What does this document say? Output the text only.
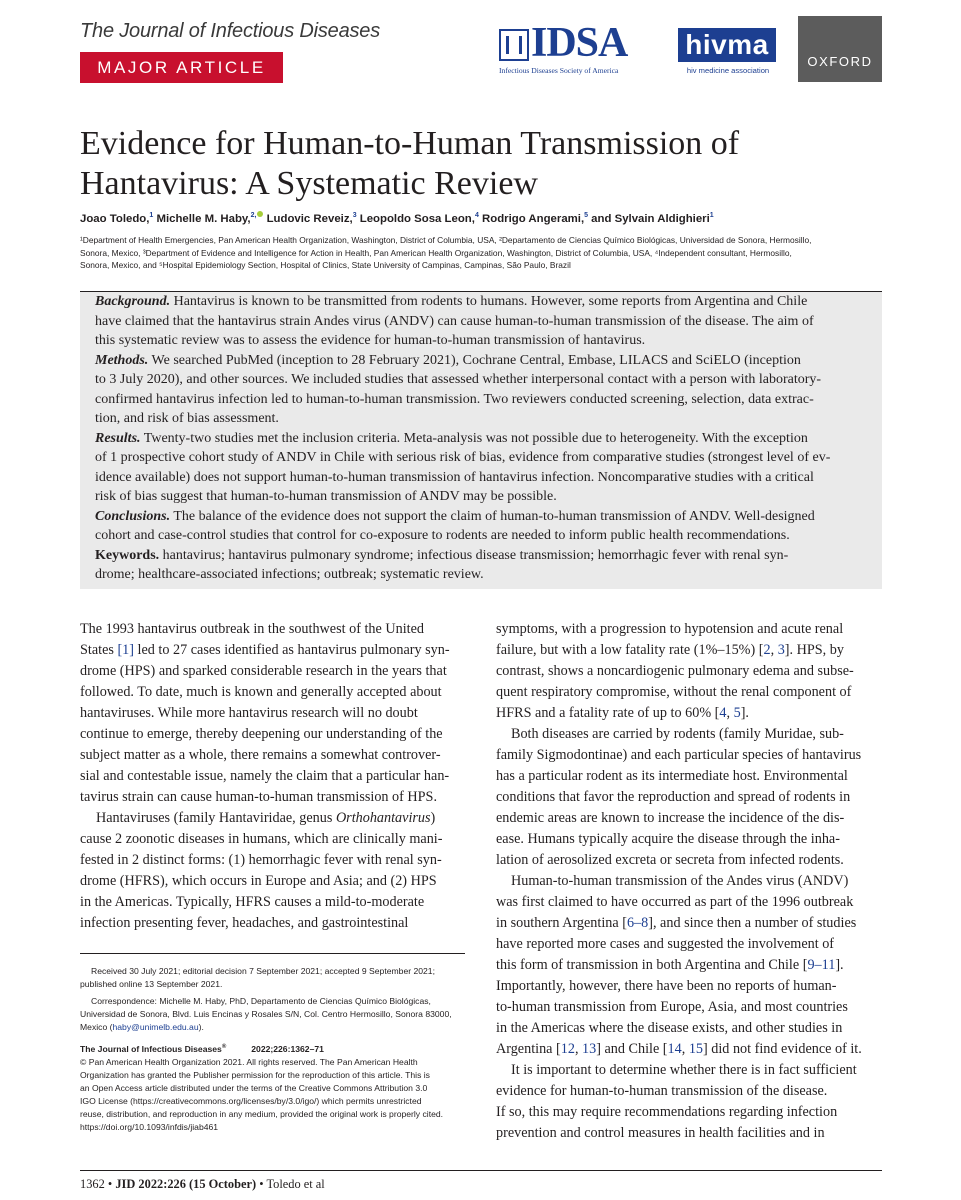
The Journal of Infectious Diseases
MAJOR ARTICLE
IDSA
Infectious Diseases Society of America
hivma
hiv medicine association
OXFORD
Evidence for Human-to-Human Transmission of
Hantavirus: A Systematic Review
Joao Toledo,$^1$ Michelle M. Haby,$^{2,}$ Ludovic Reveiz,$^3$ Leopoldo Sosa Leon,$^4$ Rodrigo Angerami,$^5$ and Sylvain Aldighieri$^1$
¹Department of Health Emergencies, Pan American Health Organization, Washington, District of Columbia, USA, ²Departamento de Ciencias Químico Biológicas, Universidad de Sonora, Hermosillo,
Sonora, Mexico, ³Department of Evidence and Intelligence for Action in Health, Pan American Health Organization, Washington, District of Columbia, USA, ⁴Independent consultant, Hermosillo,
Sonora, Mexico, and ⁵Hospital Epidemiology Section, Hospital of Clinics, State University of Campinas, Campinas, São Paulo, Brazil
Background. Hantavirus is known to be transmitted from rodents to humans. However, some reports from Argentina and Chile
have claimed that the hantavirus strain Andes virus (ANDV) can cause human-to-human transmission of the disease. The aim of
this systematic review was to assess the evidence for human-to-human transmission of hantavirus.
Methods. We searched PubMed (inception to 28 February 2021), Cochrane Central, Embase, LILACS and SciELO (inception
to 3 July 2020), and other sources. We included studies that assessed whether interpersonal contact with a person with laboratory-
confirmed hantavirus infection led to human-to-human transmission. Two reviewers conducted screening, selection, data extrac-
tion, and risk of bias assessment.
Results. Twenty-two studies met the inclusion criteria. Meta-analysis was not possible due to heterogeneity. With the exception
of 1 prospective cohort study of ANDV in Chile with serious risk of bias, evidence from comparative studies (strongest level of ev-
idence available) does not support human-to-human transmission of hantavirus infection. Noncomparative studies with a critical
risk of bias suggest that human-to-human transmission of ANDV may be possible.
Conclusions. The balance of the evidence does not support the claim of human-to-human transmission of ANDV. Well-designed
cohort and case-control studies that control for co-exposure to rodents are needed to inform public health recommendations.
Keywords. hantavirus; hantavirus pulmonary syndrome; infectious disease transmission; hemorrhagic fever with renal syn-
drome; healthcare-associated infections; outbreak; systematic review.
The 1993 hantavirus outbreak in the southwest of the United
States [1] led to 27 cases identified as hantavirus pulmonary syn-
drome (HPS) and sparked considerable research in the years that
followed. To date, much is known and generally accepted about
hantaviruses. While more hantavirus research will no doubt
continue to emerge, thereby deepening our understanding of the
subject matter as a whole, there remains a somewhat controver-
sial and contestable issue, namely the claim that a particular han-
tavirus strain can cause human-to-human transmission of HPS.
Hantaviruses (family Hantaviridae, genus Orthohantavirus)
cause 2 zoonotic diseases in humans, which are clinically mani-
fested in 2 distinct forms: (1) hemorrhagic fever with renal syn-
drome (HFRS), which occurs in Europe and Asia; and (2) HPS
in the Americas. Typically, HFRS causes a mild-to-moderate
infection presenting fever, headaches, and gastrointestinal
symptoms, with a progression to hypotension and acute renal
failure, but with a low fatality rate (1%–15%) [2, 3]. HPS, by
contrast, shows a noncardiogenic pulmonary edema and subse-
quent respiratory compromise, without the renal component of
HFRS and a fatality rate of up to 60% [4, 5].
Both diseases are carried by rodents (family Muridae, sub-
family Sigmodontinae) and each particular species of hantavirus
has a particular rodent as its intermediate host. Environmental
conditions that favor the reproduction and spread of rodents in
endemic areas are known to increase the incidence of the dis-
ease. Humans typically acquire the disease through the inha-
lation of aerosolized excreta or secreta from infected rodents.
Human-to-human transmission of the Andes virus (ANDV)
was first claimed to have occurred as part of the 1996 outbreak
in southern Argentina [6–8], and since then a number of studies
have reported more cases and suggested the involvement of
this form of transmission in both Argentina and Chile [9–11].
Importantly, however, there have been no reports of human-
to-human transmission from Europe, Asia, and most countries
in the Americas where the disease exists, and other studies in
Argentina [12, 13] and Chile [14, 15] did not find evidence of it.
It is important to determine whether there is in fact sufficient
evidence for human-to-human transmission of the disease.
If so, this may require recommendations regarding infection
prevention and control measures in health facilities and in
Received 30 July 2021; editorial decision 7 September 2021; accepted 9 September 2021;
published online 13 September 2021.
Correspondence: Michelle M. Haby, PhD, Departamento de Ciencias Químico Biológicas,
Universidad de Sonora, Blvd. Luis Encinas y Rosales S/N, Col. Centro Hermosillo, Sonora 83000,
Mexico (haby@unimelb.edu.au).
The Journal of Infectious Diseases®	2022;226:1362–71
© Pan American Health Organization 2021. All rights reserved. The Pan American Health
Organization has granted the Publisher permission for the reproduction of this article. This is
an Open Access article distributed under the terms of the Creative Commons Attribution 3.0
IGO License (https://creativecommons.org/licenses/by/3.0/igo/) which permits unrestricted
reuse, distribution, and reproduction in any medium, provided the original work is properly cited.
https://doi.org/10.1093/infdis/jiab461
1362 • JID 2022:226 (15 October) • Toledo et al
